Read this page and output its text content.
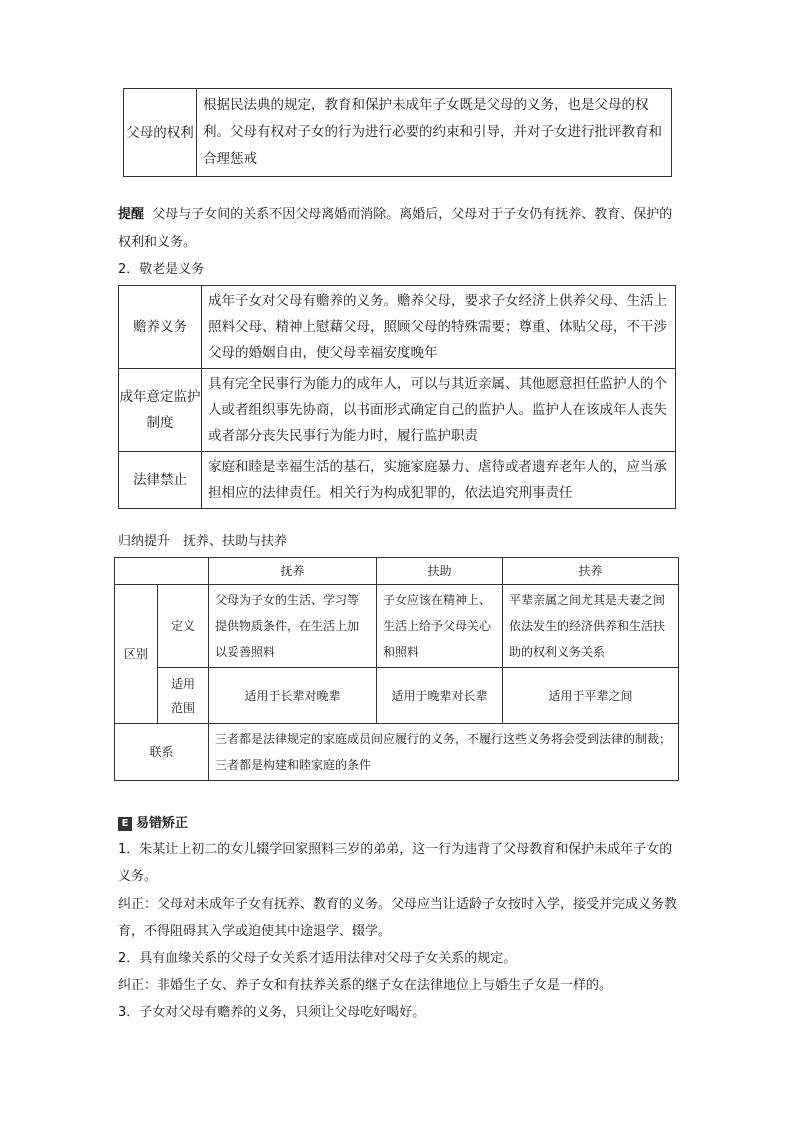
父母的权利	根据民法典的规定，教育和保护未成年子女既是父母的义务，也是父母的权利。父母有权对子女的行为进行必要的约束和引导，并对子女进行批评教育和合理惩戒
提醒 父母与子女间的关系不因父母离婚而消除。离婚后，父母对于子女仍有抚养、教育、保护的权利和义务。
2．敬老是义务
赡养义务	成年子女对父母有赡养的义务。赡养父母，要求子女经济上供养父母、生活上照料父母、精神上慰藉父母，照顾父母的特殊需要；尊重、体贴父母，不干涉父母的婚姻自由，使父母幸福安度晚年
成年意定监护制度	具有完全民事行为能力的成年人，可以与其近亲属、其他愿意担任监护人的个人或者组织事先协商，以书面形式确定自己的监护人。监护人在该成年人丧失或者部分丧失民事行为能力时，履行监护职责
法律禁止	家庭和睦是幸福生活的基石，实施家庭暴力、虐待或者遗弃老年人的，应当承担相应的法律责任。相关行为构成犯罪的，依法追究刑事责任
归纳提升　抚养、扶助与扶养
		抚养	扶助	扶养
区别	定义	父母为子女的生活、学习等提供物质条件，在生活上加以妥善照料	子女应该在精神上、生活上给予父母关心和照料	平辈亲属之间尤其是夫妻之间依法发生的经济供养和生活扶助的权利义务关系
	适用范围	适用于长辈对晚辈	适用于晚辈对长辈	适用于平辈之间
联系		三者都是法律规定的家庭成员间应履行的义务，不履行这些义务将会受到法律的制裁；三者都是构建和睦家庭的条件		
E 易错矫正
1．朱某让上初二的女儿辍学回家照料三岁的弟弟，这一行为违背了父母教育和保护未成年子女的义务。
纠正：父母对未成年子女有抚养、教育的义务。父母应当让适龄子女按时入学，接受并完成义务教育，不得阻碍其入学或迫使其中途退学、辍学。
2．具有血缘关系的父母子女关系才适用法律对父母子女关系的规定。
纠正：非婚生子女、养子女和有扶养关系的继子女在法律地位上与婚生子女是一样的。
3．子女对父母有赡养的义务，只须让父母吃好喝好。
